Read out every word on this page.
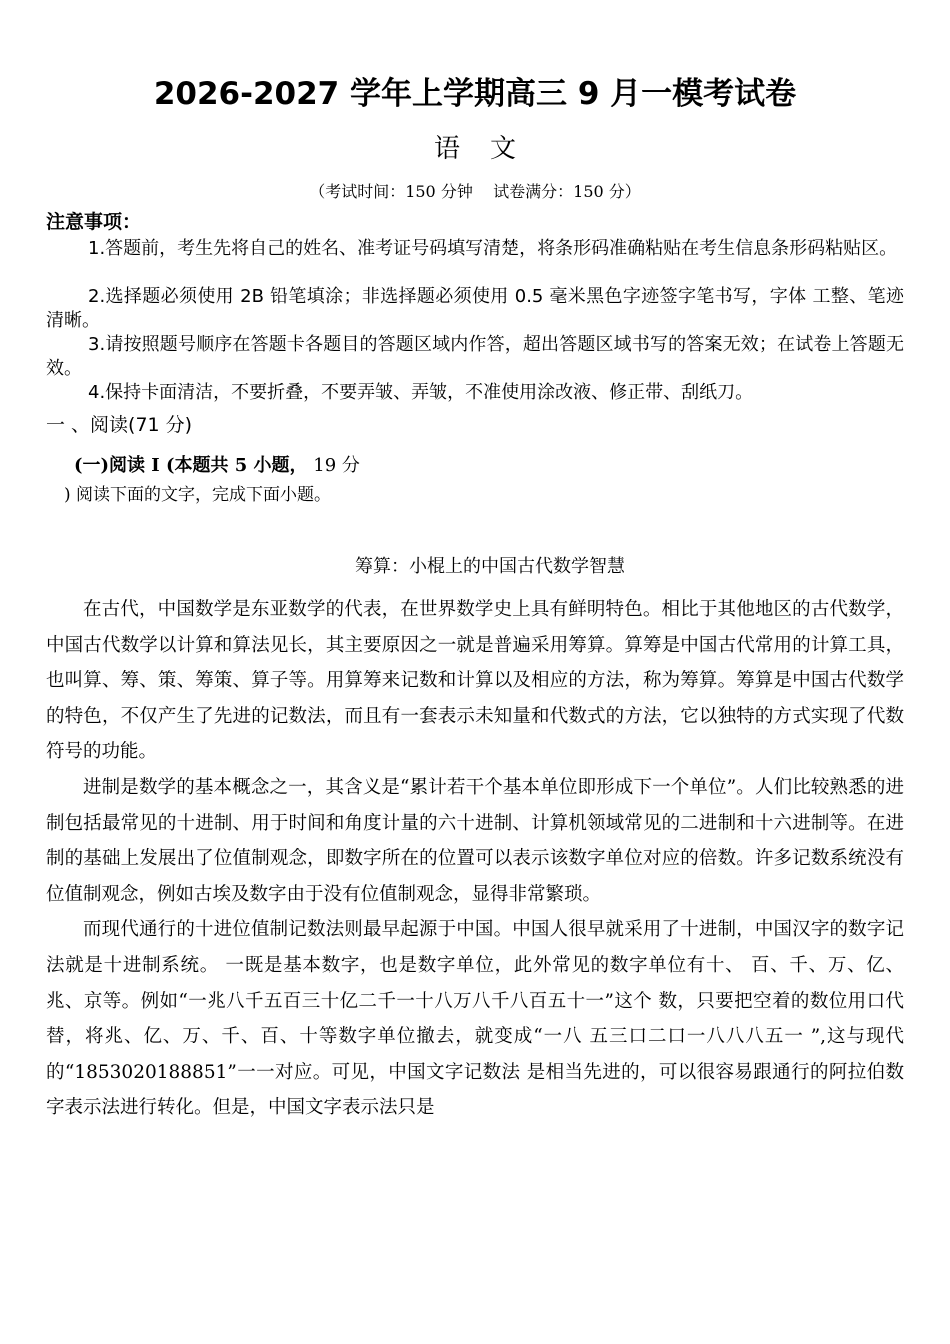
2026-2027 学年上学期高三 9 月一模考试卷
语文
（考试时间：150 分钟    试卷满分：150 分）
注意事项：
1.答题前，考生先将自己的姓名、准考证号码填写清楚，将条形码准确粘贴在考生信息条形码粘贴区。
2.选择题必须使用 2B 铅笔填涂；非选择题必须使用 0.5 毫米黑色字迹签字笔书写，字体 工整、笔迹清晰。
3.请按照题号顺序在答题卡各题目的答题区域内作答，超出答题区域书写的答案无效；在试卷上答题无效。
4.保持卡面清洁，不要折叠，不要弄皱、弄皱，不准使用涂改液、修正带、刮纸刀。
一 、阅读(71 分)
(一)阅读 I (本题共 5 小题， 19 分
) 阅读下面的文字，完成下面小题。
筹算：小棍上的中国古代数学智慧

在古代，中国数学是东亚数学的代表，在世界数学史上具有鲜明特色。相比于其他地区的古代数学，中国古代数学以计算和算法见长，其主要原因之一就是普遍采用筹算。算筹是中国古代常用的计算工具，也叫算、筹、策、筹策、算子等。用算筹来记数和计算以及相应的方法，称为筹算。筹算是中国古代数学的特色，不仅产生了先进的记数法，而且有一套表示未知量和代数式的方法，它以独特的方式实现了代数符号的功能。

进制是数学的基本概念之一，其含义是“累计若干个基本单位即形成下一个单位”。人们比较熟悉的进制包括最常见的十进制、用于时间和角度计量的六十进制、计算机领域常见的二进制和十六进制等。在进制的基础上发展出了位值制观念，即数字所在的位置可以表示该数字单位对应的倍数。许多记数系统没有位值制观念，例如古埃及数字由于没有位值制观念，显得非常繁琐。

而现代通行的十进位值制记数法则最早起源于中国。中国人很早就采用了十进制，中国汉字的数字记法就是十进制系统。 一既是基本数字，也是数字单位，此外常见的数字单位有十、 百、千、万、亿、兆、京等。例如“一兆八千五百三十亿二千一十八万八千八百五十一”这个 数，只要把空着的数位用口代替，将兆、亿、万、千、百、十等数字单位撤去，就变成“一八 五三口二口一八八八五一 ”,这与现代的“1853020188851”一一对应。可见，中国文字记数法 是相当先进的，可以很容易跟通行的阿拉伯数字表示法进行转化。但是，中国文字表示法只是
